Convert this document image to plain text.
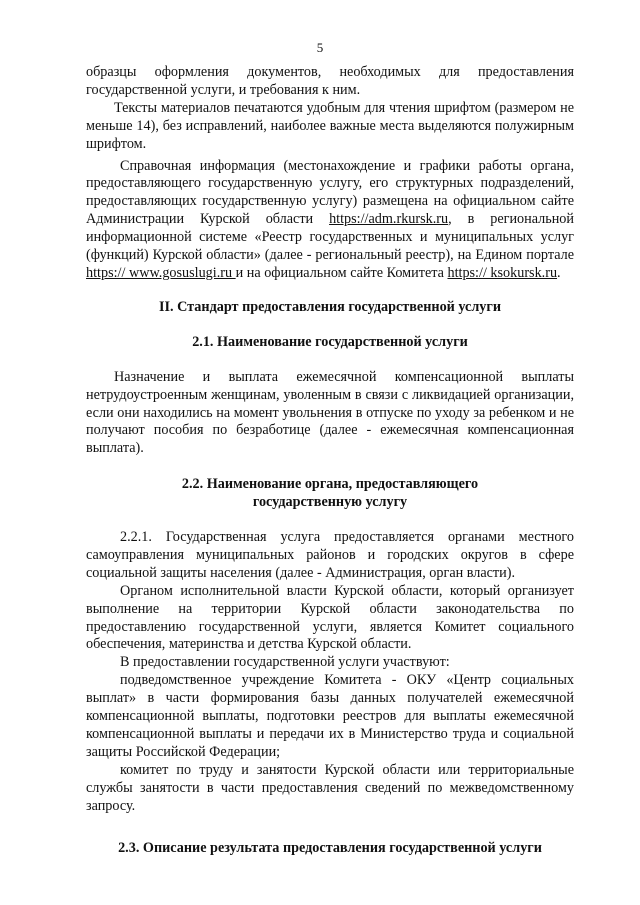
5

образцы оформления документов, необходимых для предоставления государственной услуги, и требования к ним.

Тексты материалов печатаются удобным для чтения шрифтом (размером не меньше 14), без исправлений, наиболее важные места выделяются полужирным шрифтом.

Справочная информация (местонахождение и графики работы органа, предоставляющего государственную услугу, его структурных подразделений, предоставляющих государственную услугу) размещена на официальном сайте Администрации Курской области https://adm.rkursk.ru, в региональной информационной системе «Реестр государственных и муниципальных услуг (функций) Курской области» (далее - региональный реестр), на Едином портале https:// www.gosuslugi.ru и на официальном сайте Комитета https:// ksokursk.ru.

II. Стандарт предоставления государственной услуги

2.1. Наименование государственной услуги

Назначение и выплата ежемесячной компенсационной выплаты нетрудоустроенным женщинам, уволенным в связи с ликвидацией организации, если они находились на момент увольнения в отпуске по уходу за ребенком и не получают пособия по безработице (далее - ежемесячная компенсационная выплата).

2.2. Наименование органа, предоставляющего
государственную услугу

2.2.1. Государственная услуга предоставляется органами местного самоуправления муниципальных районов и городских округов в сфере социальной защиты населения (далее - Администрация, орган власти).

Органом исполнительной власти Курской области, который организует выполнение на территории Курской области законодательства по предоставлению государственной услуги, является Комитет социального обеспечения, материнства и детства Курской области.

В предоставлении государственной услуги участвуют:

подведомственное учреждение Комитета - ОКУ «Центр социальных выплат» в части формирования базы данных получателей ежемесячной компенсационной выплаты, подготовки реестров для выплаты ежемесячной компенсационной выплаты и передачи их в Министерство труда и социальной защиты Российской Федерации;

комитет по труду и занятости Курской области или территориальные службы занятости в части предоставления сведений по межведомственному запросу.

2.3. Описание результата предоставления государственной услуги
